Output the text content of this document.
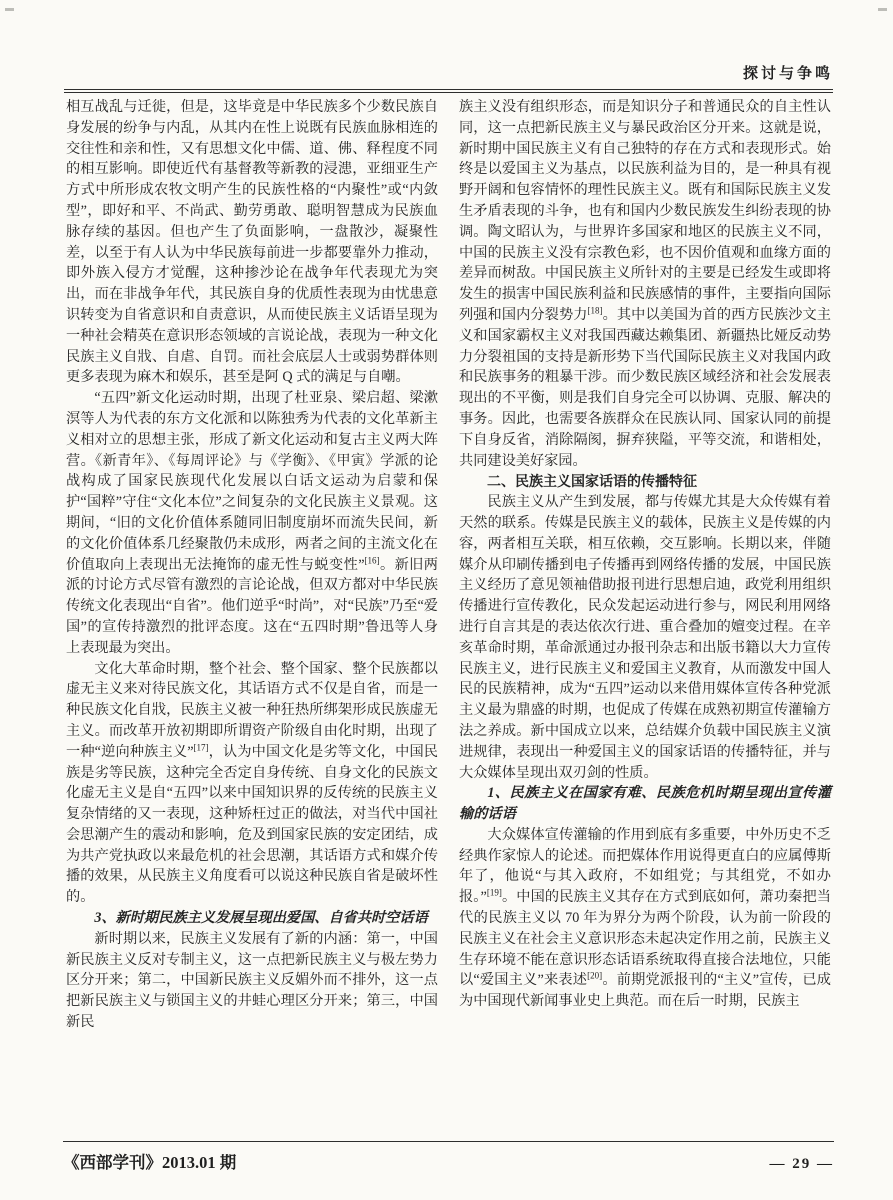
探讨与争鸣

相互战乱与迁徙，但是，这毕竟是中华民族多个少数民族自身发展的纷争与内乱，从其内在性上说既有民族血脉相连的交往性和亲和性，又有思想文化中儒、道、佛、释程度不同的相互影响。即使近代有基督教等新教的浸漶，亚细亚生产方式中所形成农牧文明产生的民族性格的“内聚性”或“内敛型”，即好和平、不尚武、勤劳勇敢、聪明智慧成为民族血脉存续的基因。但也产生了负面影响，一盘散沙，凝聚性差，以至于有人认为中华民族每前进一步都要靠外力推动，即外族入侵方才觉醒，这种掺沙论在战争年代表现尤为突出，而在非战争年代，其民族自身的优质性表现为由忧患意识转变为自省意识和自责意识，从而使民族主义话语呈现为一种社会精英在意识形态领域的言说论战，表现为一种文化民族主义自戕、自虐、自罚。而社会底层人士或弱势群体则更多表现为麻木和娱乐，甚至是阿 Q 式的满足与自嘲。

“五四”新文化运动时期，出现了杜亚泉、梁启超、梁漱溟等人为代表的东方文化派和以陈独秀为代表的文化革新主义相对立的思想主张，形成了新文化运动和复古主义两大阵营。《新青年》、《每周评论》与《学衡》、《甲寅》学派的论战构成了国家民族现代化发展以白话文运动为启蒙和保护“国粹”守住“文化本位”之间复杂的文化民族主义景观。这期间，“旧的文化价值体系随同旧制度崩坏而流失民间，新的文化价值体系几经聚散仍未成形，两者之间的主流文化在价值取向上表现出无法掩饰的虚无性与蜕变性”[16]。新旧两派的讨论方式尽管有激烈的言论论战，但双方都对中华民族传统文化表现出“自省”。他们逆乎“时尚”，对“民族”乃至“爱国”的宣传持激烈的批评态度。这在“五四时期”鲁迅等人身上表现最为突出。

文化大革命时期，整个社会、整个国家、整个民族都以虚无主义来对待民族文化，其话语方式不仅是自省，而是一种民族文化自戕，民族主义被一种狂热所绑架形成民族虚无主义。而改革开放初期即所谓资产阶级自由化时期，出现了一种“逆向种族主义”[17]，认为中国文化是劣等文化，中国民族是劣等民族，这种完全否定自身传统、自身文化的民族文化虚无主义是自“五四”以来中国知识界的反传统的民族主义复杂情绪的又一表现，这种矫枉过正的做法，对当代中国社会思潮产生的震动和影响，危及到国家民族的安定团结，成为共产党执政以来最危机的社会思潮，其话语方式和媒介传播的效果，从民族主义角度看可以说这种民族自省是破坏性的。

3、新时期民族主义发展呈现出爱国、自省共时空话语

新时期以来，民族主义发展有了新的内涵：第一，中国新民族主义反对专制主义，这一点把新民族主义与极左势力区分开来；第二，中国新民族主义反媚外而不排外，这一点把新民族主义与锁国主义的井蛙心理区分开来；第三，中国新民

族主义没有组织形态，而是知识分子和普通民众的自主性认同，这一点把新民族主义与暴民政治区分开来。这就是说，新时期中国民族主义有自己独特的存在方式和表现形式。始终是以爱国主义为基点，以民族利益为目的，是一种具有视野开阔和包容情怀的理性民族主义。既有和国际民族主义发生矛盾表现的斗争，也有和国内少数民族发生纠纷表现的协调。陶文昭认为，与世界许多国家和地区的民族主义不同，中国的民族主义没有宗教色彩，也不因价值观和血缘方面的差异而树敌。中国民族主义所针对的主要是已经发生或即将发生的损害中国民族利益和民族感情的事件，主要指向国际列强和国内分裂势力[18]。其中以美国为首的西方民族沙文主义和国家霸权主义对我国西藏达赖集团、新疆热比娅反动势力分裂祖国的支持是新形势下当代国际民族主义对我国内政和民族事务的粗暴干涉。而少数民族区域经济和社会发展表现出的不平衡，则是我们自身完全可以协调、克服、解决的事务。因此，也需要各族群众在民族认同、国家认同的前提下自身反省，消除隔阂，摒弃狭隘，平等交流，和谐相处，共同建设美好家园。

二、民族主义国家话语的传播特征

民族主义从产生到发展，都与传媒尤其是大众传媒有着天然的联系。传媒是民族主义的载体，民族主义是传媒的内容，两者相互关联，相互依赖，交互影响。长期以来，伴随媒介从印刷传播到电子传播再到网络传播的发展，中国民族主义经历了意见领袖借助报刊进行思想启迪，政党利用组织传播进行宣传教化，民众发起运动进行参与，网民利用网络进行自言其是的表达依次行进、重合叠加的嬗变过程。在辛亥革命时期，革命派通过办报刊杂志和出版书籍以大力宣传民族主义，进行民族主义和爱国主义教育，从而激发中国人民的民族精神，成为“五四”运动以来借用媒体宣传各种党派主义最为鼎盛的时期，也促成了传媒在成熟初期宣传灌输方法之养成。新中国成立以来，总结媒介负载中国民族主义演进规律，表现出一种爱国主义的国家话语的传播特征，并与大众媒体呈现出双刃剑的性质。

1、民族主义在国家有难、民族危机时期呈现出宣传灌输的话语

大众媒体宣传灌输的作用到底有多重要，中外历史不乏经典作家惊人的论述。而把媒体作用说得更直白的应属傅斯年了，他说“与其入政府，不如组党；与其组党，不如办报。”[19]。中国的民族主义其存在方式到底如何，萧功秦把当代的民族主义以 70 年为界分为两个阶段，认为前一阶段的民族主义在社会主义意识形态未起决定作用之前，民族主义生存环境不能在意识形态话语系统取得直接合法地位，只能以“爱国主义”来表述[20]。前期党派报刊的“主义”宣传，已成为中国现代新闻事业史上典范。而在后一时期，民族主

《西部学刊》2013.01 期	— 29 —
